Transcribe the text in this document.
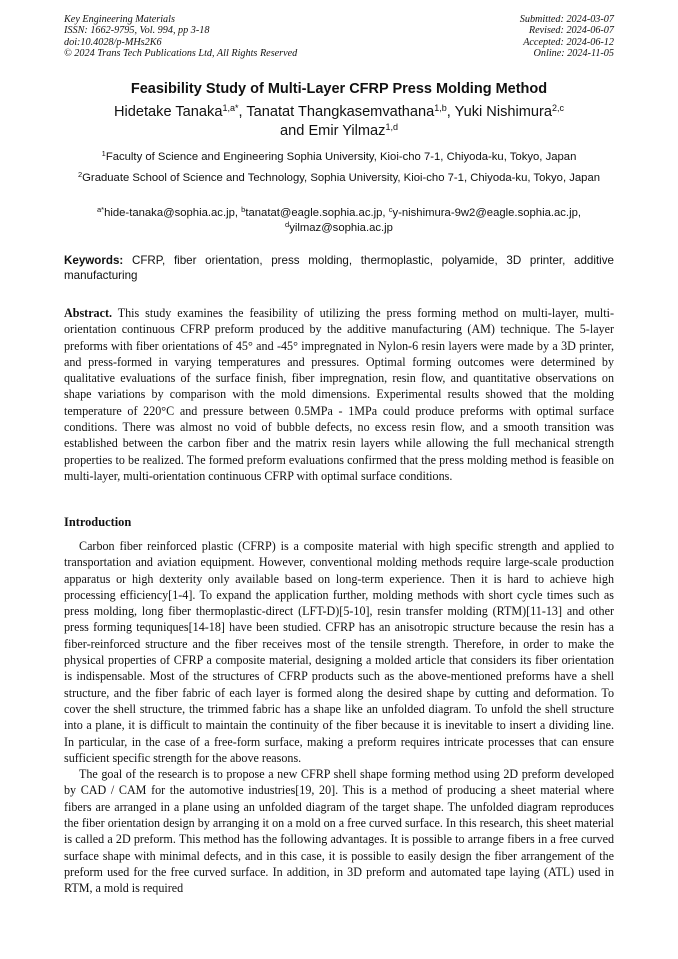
Key Engineering Materials
ISSN: 1662-9795, Vol. 994, pp 3-18
doi:10.4028/p-MHs2K6
© 2024 Trans Tech Publications Ltd, All Rights Reserved
Submitted: 2024-03-07
Revised: 2024-06-07
Accepted: 2024-06-12
Online: 2024-11-05
Feasibility Study of Multi-Layer CFRP Press Molding Method
Hidetake Tanaka$^{1,a*}$, Tanatat Thangkasemvathana$^{1,b}$, Yuki Nishimura$^{2,c}$
and Emir Yilmaz$^{1,d}$
$^1$Faculty of Science and Engineering Sophia University, Kioi-cho 7-1, Chiyoda-ku, Tokyo, Japan
$^2$Graduate School of Science and Technology, Sophia University, Kioi-cho 7-1, Chiyoda-ku, Tokyo, Japan
$^{a*}$hide-tanaka@sophia.ac.jp, $^b$tanatat@eagle.sophia.ac.jp, $^c$y-nishimura-9w2@eagle.sophia.ac.jp,
$^d$yilmaz@sophia.ac.jp
Keywords: CFRP, fiber orientation, press molding, thermoplastic, polyamide, 3D printer, additive manufacturing
Abstract. This study examines the feasibility of utilizing the press forming method on multi-layer, multi-orientation continuous CFRP preform produced by the additive manufacturing (AM) technique. The 5-layer preforms with fiber orientations of 45° and -45° impregnated in Nylon-6 resin layers were made by a 3D printer, and press-formed in varying temperatures and pressures. Optimal forming outcomes were determined by qualitative evaluations of the surface finish, fiber impregnation, resin flow, and quantitative observations on shape variations by comparison with the mold dimensions. Experimental results showed that the molding temperature of 220°C and pressure between 0.5MPa - 1MPa could produce preforms with optimal surface conditions. There was almost no void of bubble defects, no excess resin flow, and a smooth transition was established between the carbon fiber and the matrix resin layers while allowing the full mechanical strength properties to be realized. The formed preform evaluations confirmed that the press molding method is feasible on multi-layer, multi-orientation continuous CFRP with optimal surface conditions.
Introduction

Carbon fiber reinforced plastic (CFRP) is a composite material with high specific strength and applied to transportation and aviation equipment. However, conventional molding methods require large-scale production apparatus or high dexterity only available based on long-term experience. Then it is hard to achieve high processing efficiency[1-4]. To expand the application further, molding methods with short cycle times such as press molding, long fiber thermoplastic-direct (LFT-D)[5-10], resin transfer molding (RTM)[11-13] and other press forming tequniques[14-18] have been studied. CFRP has an anisotropic structure because the resin has a fiber-reinforced structure and the fiber receives most of the tensile strength. Therefore, in order to make the physical properties of CFRP a composite material, designing a molded article that considers its fiber orientation is indispensable. Most of the structures of CFRP products such as the above-mentioned preforms have a shell structure, and the fiber fabric of each layer is formed along the desired shape by cutting and deformation. To cover the shell structure, the trimmed fabric has a shape like an unfolded diagram. To unfold the shell structure into a plane, it is difficult to maintain the continuity of the fiber because it is inevitable to insert a dividing line. In particular, in the case of a free-form surface, making a preform requires intricate processes that can ensure sufficient specific strength for the above reasons.

The goal of the research is to propose a new CFRP shell shape forming method using 2D preform developed by CAD / CAM for the automotive industries[19, 20]. This is a method of producing a sheet material where fibers are arranged in a plane using an unfolded diagram of the target shape. The unfolded diagram reproduces the fiber orientation design by arranging it on a mold on a free curved surface. In this research, this sheet material is called a 2D preform. This method has the following advantages. It is possible to arrange fibers in a free curved surface shape with minimal defects, and in this case, it is possible to easily design the fiber arrangement of the preform used for the free curved surface. In addition, in 3D preform and automated tape laying (ATL) used in RTM, a mold is required
